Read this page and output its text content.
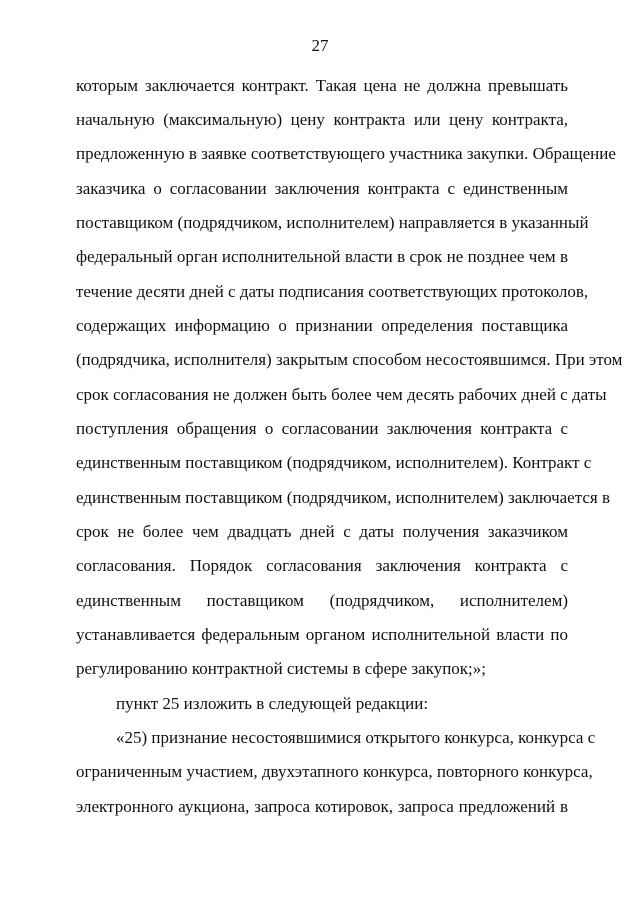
27
которым заключается контракт. Такая цена не должна превышать
начальную (максимальную) цену контракта или цену контракта,
предложенную в заявке соответствующего участника закупки. Обращение
заказчика о согласовании заключения контракта с единственным
поставщиком (подрядчиком, исполнителем) направляется в указанный
федеральный орган исполнительной власти в срок не позднее чем в
течение десяти дней с даты подписания соответствующих протоколов,
содержащих информацию о признании определения поставщика
(подрядчика, исполнителя) закрытым способом несостоявшимся. При этом
срок согласования не должен быть более чем десять рабочих дней с даты
поступления обращения о согласовании заключения контракта с
единственным поставщиком (подрядчиком, исполнителем). Контракт с
единственным поставщиком (подрядчиком, исполнителем) заключается в
срок не более чем двадцать дней с даты получения заказчиком
согласования. Порядок согласования заключения контракта с
единственным поставщиком (подрядчиком, исполнителем)
устанавливается федеральным органом исполнительной власти по
регулированию контрактной системы в сфере закупок;»;
пункт 25 изложить в следующей редакции:
«25) признание несостоявшимися открытого конкурса, конкурса с
ограниченным участием, двухэтапного конкурса, повторного конкурса,
электронного аукциона, запроса котировок, запроса предложений в
